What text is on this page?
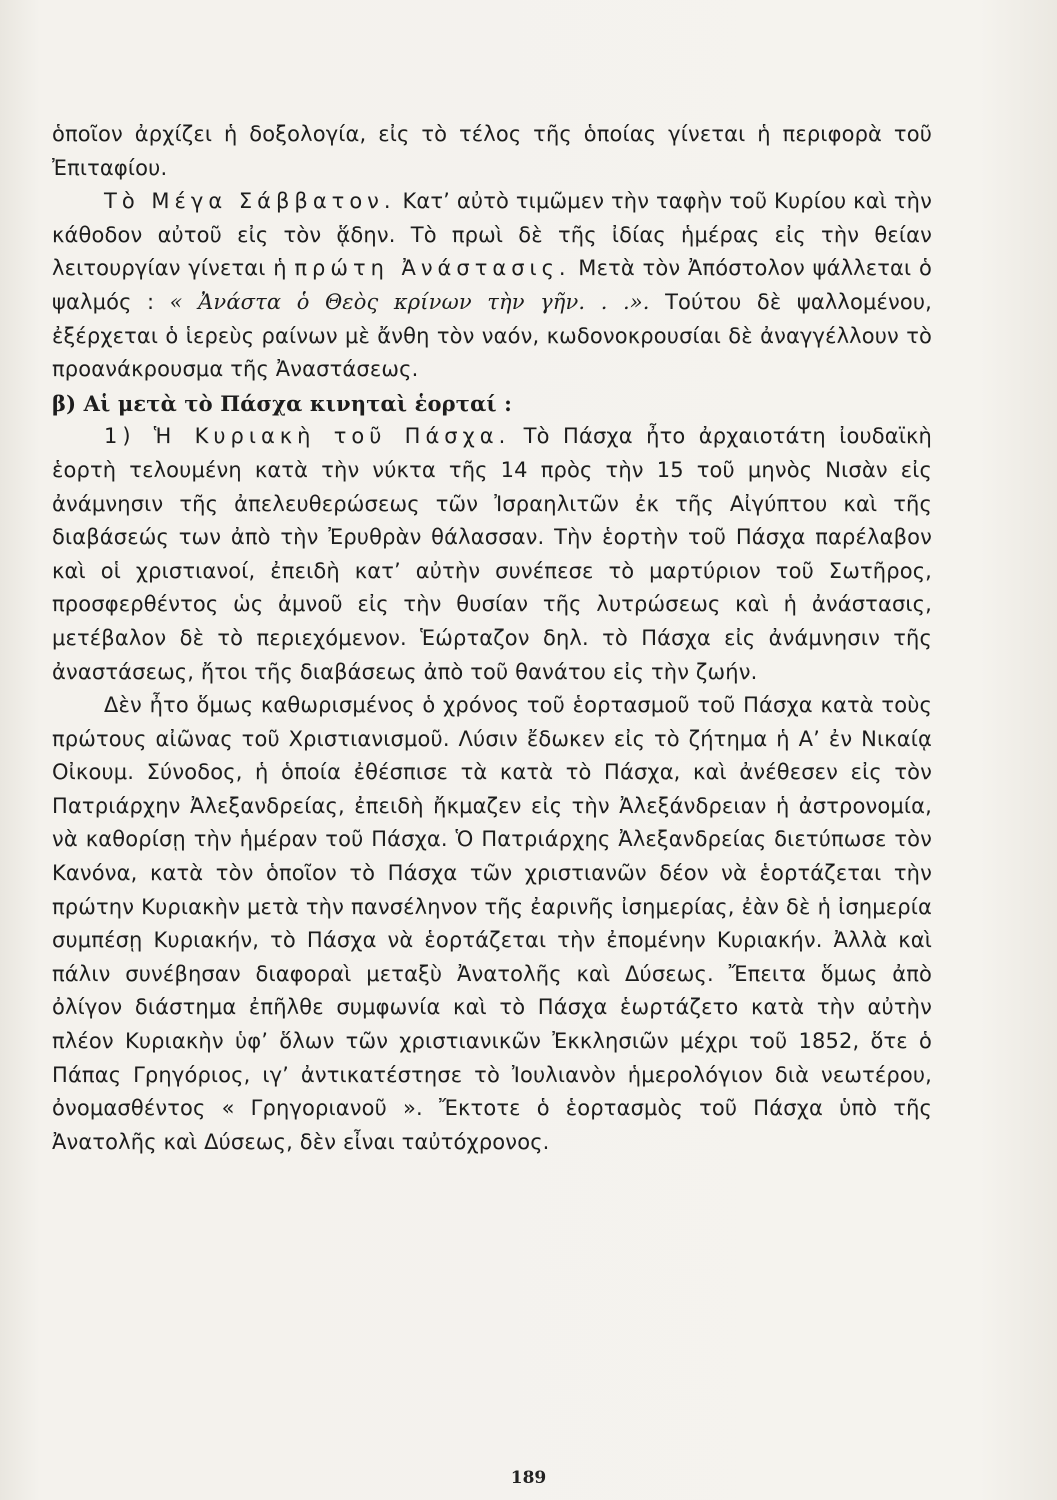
ὁποῖον ἀρχίζει ἡ δοξολογία, εἰς τὸ τέλος τῆς ὁποίας γίνεται ἡ περιφορὰ τοῦ Ἐπιταφίου.

Τὸ Μέγα Σάββατον. Κατ’ αὐτὸ τιμῶμεν τὴν ταφὴν τοῦ Κυρίου καὶ τὴν κάθοδον αὐτοῦ εἰς τὸν ᾅδην. Τὸ πρωὶ δὲ τῆς ἰδίας ἡμέρας εἰς τὴν θείαν λειτουργίαν γίνεται ἡ πρώτη Ἀνάστασις. Μετὰ τὸν Ἀπόστολον ψάλλεται ὁ ψαλμός : « Ἀνάστα ὁ Θεὸς κρίνων τὴν γῆν. . .». Τούτου δὲ ψαλλομένου, ἐξέρχεται ὁ ἱερεὺς ραίνων μὲ ἄνθη τὸν ναόν, κωδονοκρουσίαι δὲ ἀναγγέλλουν τὸ προανάκρουσμα τῆς Ἀναστάσεως.

β) Αἱ μετὰ τὸ Πάσχα κινηταὶ ἑορταί :

1) Ἡ Κυριακὴ τοῦ Πάσχα. Τὸ Πάσχα ἦτο ἀρχαιοτάτη ἰουδαϊκὴ ἑορτὴ τελουμένη κατὰ τὴν νύκτα τῆς 14 πρὸς τὴν 15 τοῦ μηνὸς Νισὰν εἰς ἀνάμνησιν τῆς ἀπελευθερώσεως τῶν Ἰσραηλιτῶν ἐκ τῆς Αἰγύπτου καὶ τῆς διαβάσεώς των ἀπὸ τὴν Ἐρυθρὰν θάλασσαν. Τὴν ἑορτὴν τοῦ Πάσχα παρέλαβον καὶ οἱ χριστιανοί, ἐπειδὴ κατ’ αὐτὴν συνέπεσε τὸ μαρτύριον τοῦ Σωτῆρος, προσφερθέντος ὡς ἀμνοῦ εἰς τὴν θυσίαν τῆς λυτρώσεως καὶ ἡ ἀνάστασις, μετέβαλον δὲ τὸ περιεχόμενον. Ἑώρταζον δηλ. τὸ Πάσχα εἰς ἀνάμνησιν τῆς ἀναστάσεως, ἤτοι τῆς διαβάσεως ἀπὸ τοῦ θανάτου εἰς τὴν ζωήν.

Δὲν ἦτο ὅμως καθωρισμένος ὁ χρόνος τοῦ ἑορτασμοῦ τοῦ Πάσχα κατὰ τοὺς πρώτους αἰῶνας τοῦ Χριστιανισμοῦ. Λύσιν ἔδωκεν εἰς τὸ ζήτημα ἡ Α’ ἐν Νικαίᾳ Οἰκουμ. Σύνοδος, ἡ ὁποία ἐθέσπισε τὰ κατὰ τὸ Πάσχα, καὶ ἀνέθεσεν εἰς τὸν Πατριάρχην Ἀλεξανδρείας, ἐπειδὴ ἤκμαζεν εἰς τὴν Ἀλεξάνδρειαν ἡ ἀστρονομία, νὰ καθορίσῃ τὴν ἡμέραν τοῦ Πάσχα. Ὁ Πατριάρχης Ἀλεξανδρείας διετύπωσε τὸν Κανόνα, κατὰ τὸν ὁποῖον τὸ Πάσχα τῶν χριστιανῶν δέον νὰ ἑορτάζεται τὴν πρώτην Κυριακὴν μετὰ τὴν πανσέληνον τῆς ἐαρινῆς ἰσημερίας, ἐὰν δὲ ἡ ἰσημερία συμπέσῃ Κυριακήν, τὸ Πάσχα νὰ ἑορτάζεται τὴν ἐπομένην Κυριακήν. Ἀλλὰ καὶ πάλιν συνέβησαν διαφοραὶ μεταξὺ Ἀνατολῆς καὶ Δύσεως. Ἔπειτα ὅμως ἀπὸ ὀλίγον διάστημα ἐπῆλθε συμφωνία καὶ τὸ Πάσχα ἑωρτάζετο κατὰ τὴν αὐτὴν πλέον Κυριακὴν ὑφ’ ὅλων τῶν χριστιανικῶν Ἐκκλησιῶν μέχρι τοῦ 1852, ὅτε ὁ Πάπας Γρηγόριος, ιγ’ ἀντικατέστησε τὸ Ἰουλιανὸν ἡμερολόγιον διὰ νεωτέρου, ὀνομασθέντος « Γρηγοριανοῦ ». Ἔκτοτε ὁ ἑορτασμὸς τοῦ Πάσχα ὑπὸ τῆς Ἀνατολῆς καὶ Δύσεως, δὲν εἶναι ταὐτόχρονος.

189
